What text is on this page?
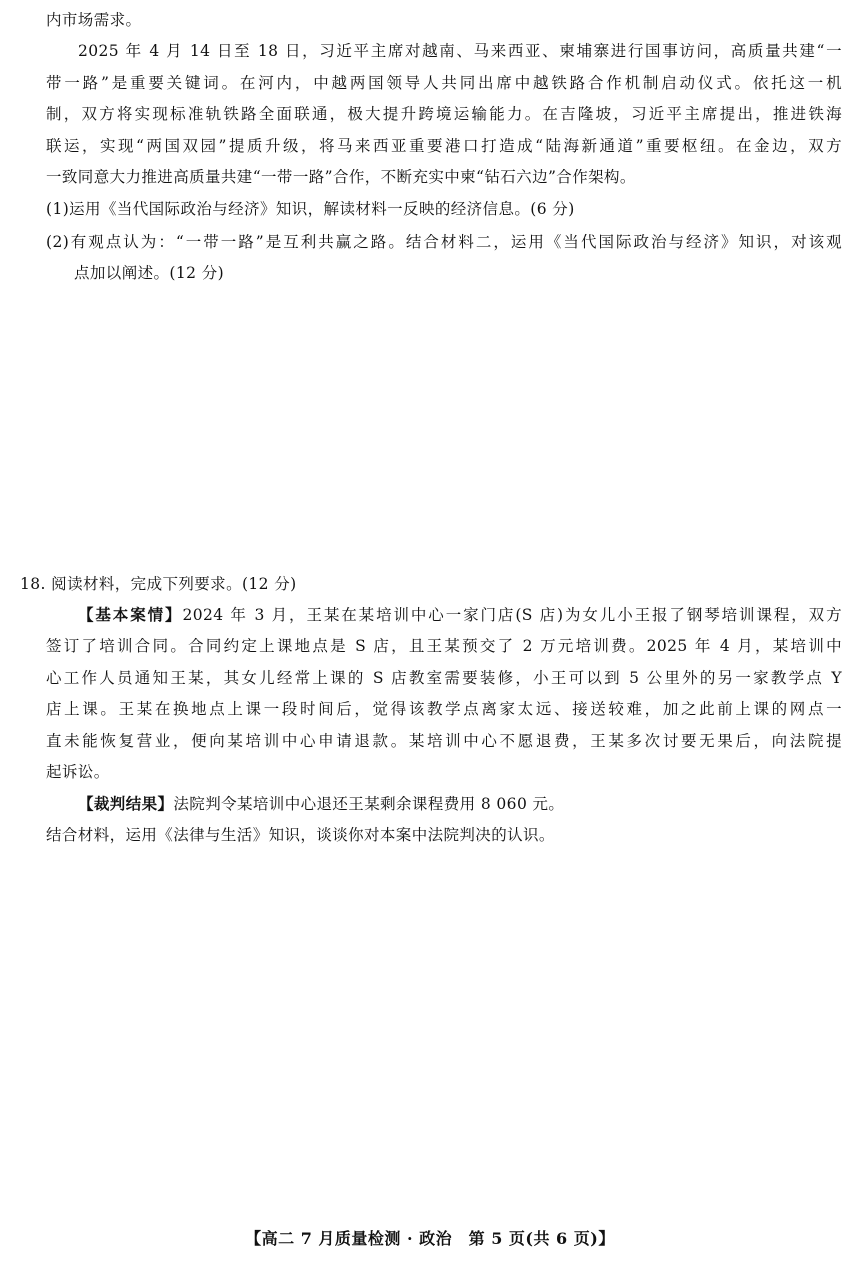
内市场需求。
2025 年 4 月 14 日至 18 日，习近平主席对越南、马来西亚、柬埔寨进行国事访问，高质量共建“一
带一路”是重要关键词。在河内，中越两国领导人共同出席中越铁路合作机制启动仪式。依托这一机
制，双方将实现标准轨铁路全面联通，极大提升跨境运输能力。在吉隆坡，习近平主席提出，推进铁海
联运，实现“两国双园”提质升级，将马来西亚重要港口打造成“陆海新通道”重要枢纽。在金边，双方
一致同意大力推进高质量共建“一带一路”合作，不断充实中柬“钻石六边”合作架构。
(1)运用《当代国际政治与经济》知识，解读材料一反映的经济信息。(6 分)
(2)有观点认为：“一带一路”是互利共赢之路。结合材料二，运用《当代国际政治与经济》知识，对该观
点加以阐述。(12 分)
18. 阅读材料，完成下列要求。(12 分)
【基本案情】2024 年 3 月，王某在某培训中心一家门店(S 店)为女儿小王报了钢琴培训课程，双方
签订了培训合同。合同约定上课地点是 S 店，且王某预交了 2 万元培训费。2025 年 4 月，某培训中
心工作人员通知王某，其女儿经常上课的 S 店教室需要装修，小王可以到 5 公里外的另一家教学点 Y
店上课。王某在换地点上课一段时间后，觉得该教学点离家太远、接送较难，加之此前上课的网点一
直未能恢复营业，便向某培训中心申请退款。某培训中心不愿退费，王某多次讨要无果后，向法院提
起诉讼。
【裁判结果】法院判令某培训中心退还王某剩余课程费用 8 060 元。
结合材料，运用《法律与生活》知识，谈谈你对本案中法院判决的认识。
【高二 7 月质量检测 · 政治　第 5 页(共 6 页)】
